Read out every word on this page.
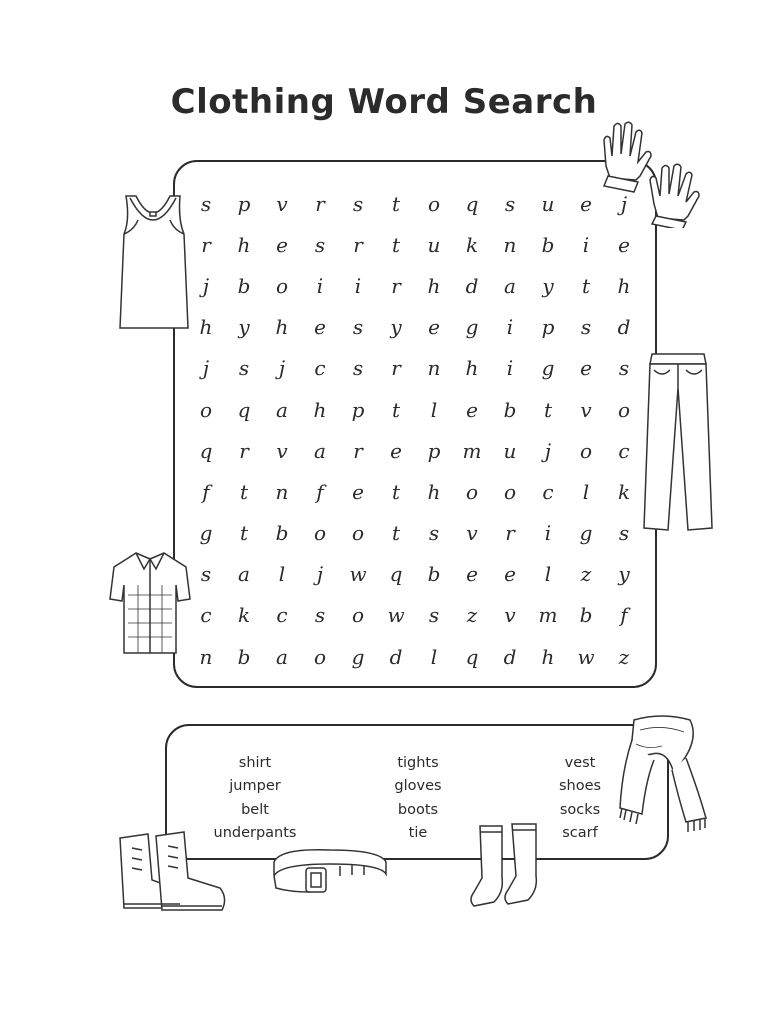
Clothing Word Search
s	p	v	r	s	t	o	q	s	u	e	j
r	h	e	s	r	t	u	k	n	b	i	e
j	b	o	i	i	r	h	d	a	y	t	h
h	y	h	e	s	y	e	g	i	p	s	d
j	s	j	c	s	r	n	h	i	g	e	s
o	q	a	h	p	t	l	e	b	t	v	o
q	r	v	a	r	e	p	m	u	j	o	c
f	t	n	f	e	t	h	o	o	c	l	k
g	t	b	o	o	t	s	v	r	i	g	s
s	a	l	j	w	q	b	e	e	l	z	y
c	k	c	s	o	w	s	z	v	m	b	f
n	b	a	o	g	d	l	q	d	h	w	z
shirt
jumper
belt
underpants
tights
gloves
boots
tie
vest
shoes
socks
scarf
